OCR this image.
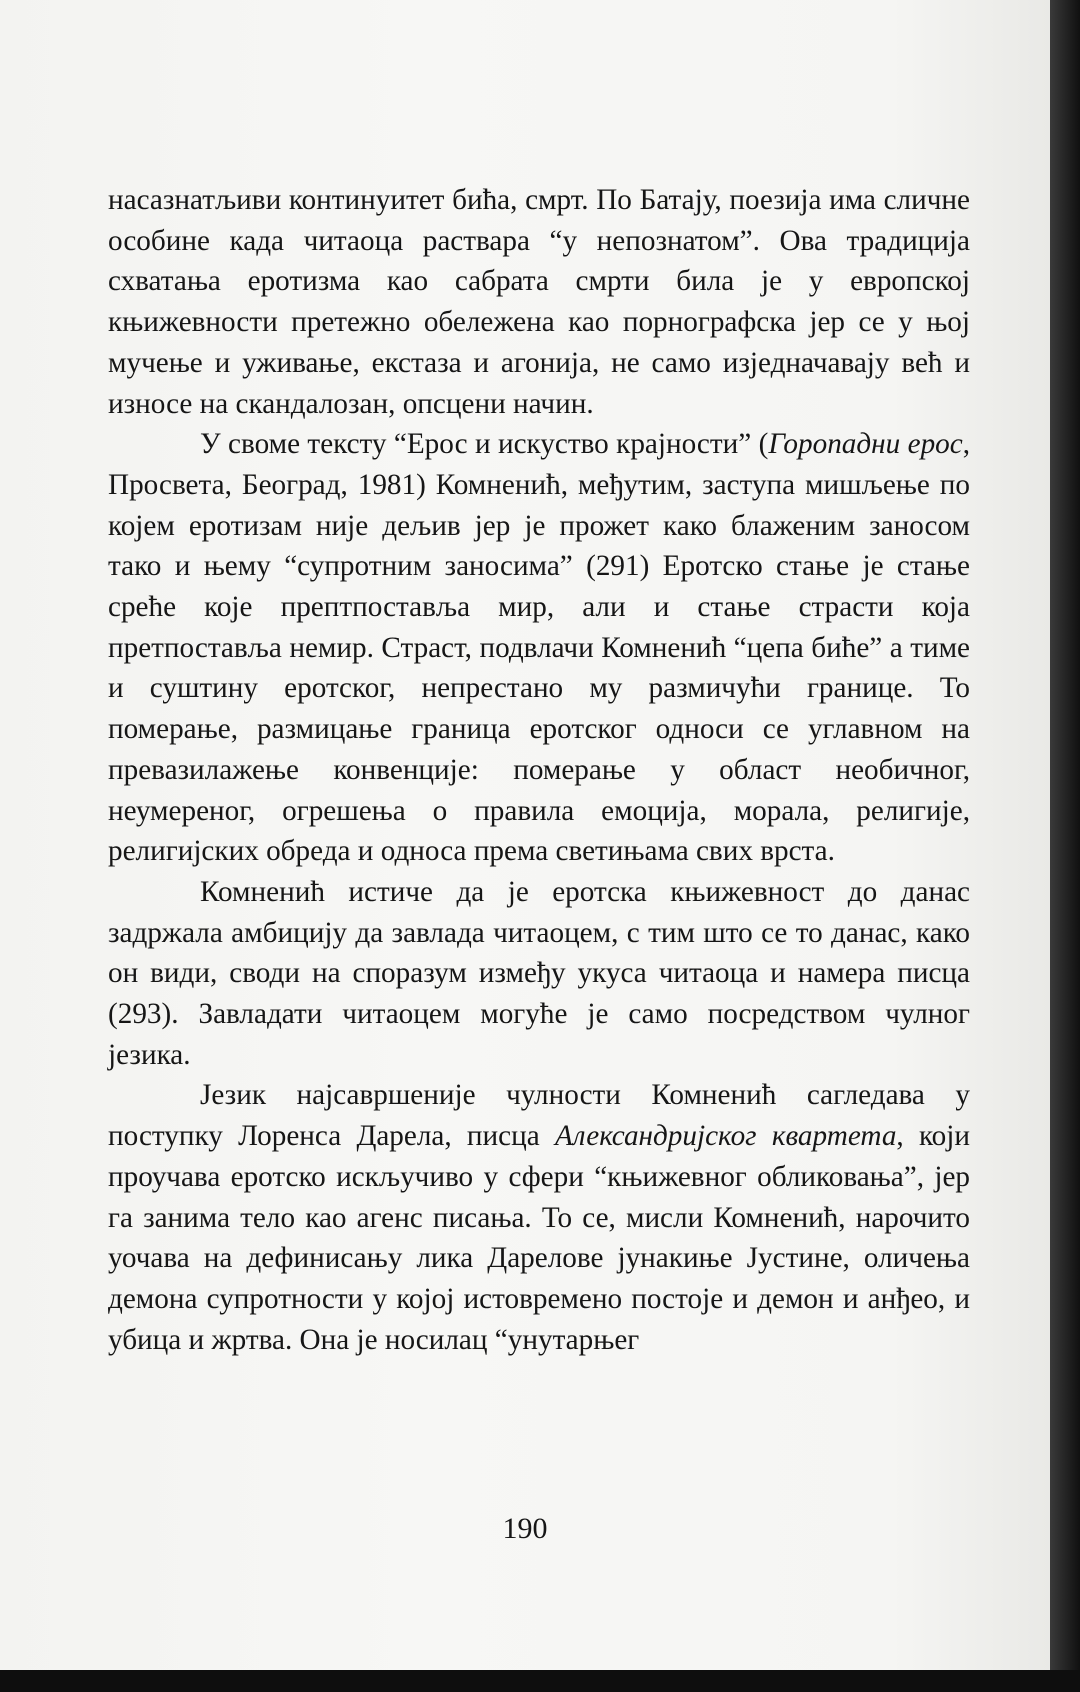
насазнатљиви континуитет бића, смрт. По Батају, поезија има сличне особине када читаоца раствара “у непознатом”. Ова традиција схватања еротизма као сабрата смрти била је у европској књижевности претежно обележена као порнографска јер се у њој мучење и уживање, екстаза и агонија, не само изједначавају већ и износе на скандалозан, опсцени начин.

У своме тексту “Ерос и искуство крајности” (Горопадни ерос, Просвета, Београд, 1981) Комненић, међутим, заступа мишљење по којем еротизам није дељив јер је прожет како блаженим заносом тако и њему “супротним заносима” (291) Еротско стање је стање среће које прептпоставља мир, али и стање страсти која претпоставља немир. Страст, подвлачи Комненић “цепа биће” а тиме и суштину еротског, непрестано му размичући границе. То померање, размицање граница еротског односи се углавном на превазилажење конвенције: померање у област необичног, неумереног, огрешења о правила емоција, морала, религије, религијских обреда и односа према светињама свих врста.

Комненић истиче да је еротска књижевност до данас задржала амбицију да завлада читаоцем, с тим што се то данас, како он види, своди на споразум између укуса читаоца и намера писца (293). Завладати читаоцем могуће је само посредством чулног језика.

Језик најсавршеније чулности Комненић сагледава у поступку Лоренса Дарела, писца Александријског квартета, који проучава еротско искључиво у сфери “књижевног обликовања”, јер га занима тело као агенс писања. То се, мисли Комненић, нарочито уочава на дефинисању лика Дарелове јунакиње Јустине, оличења демона супротности у којој истовремено постоје и демон и анђео, и убица и жртва. Она је носилац “унутарњег

190
